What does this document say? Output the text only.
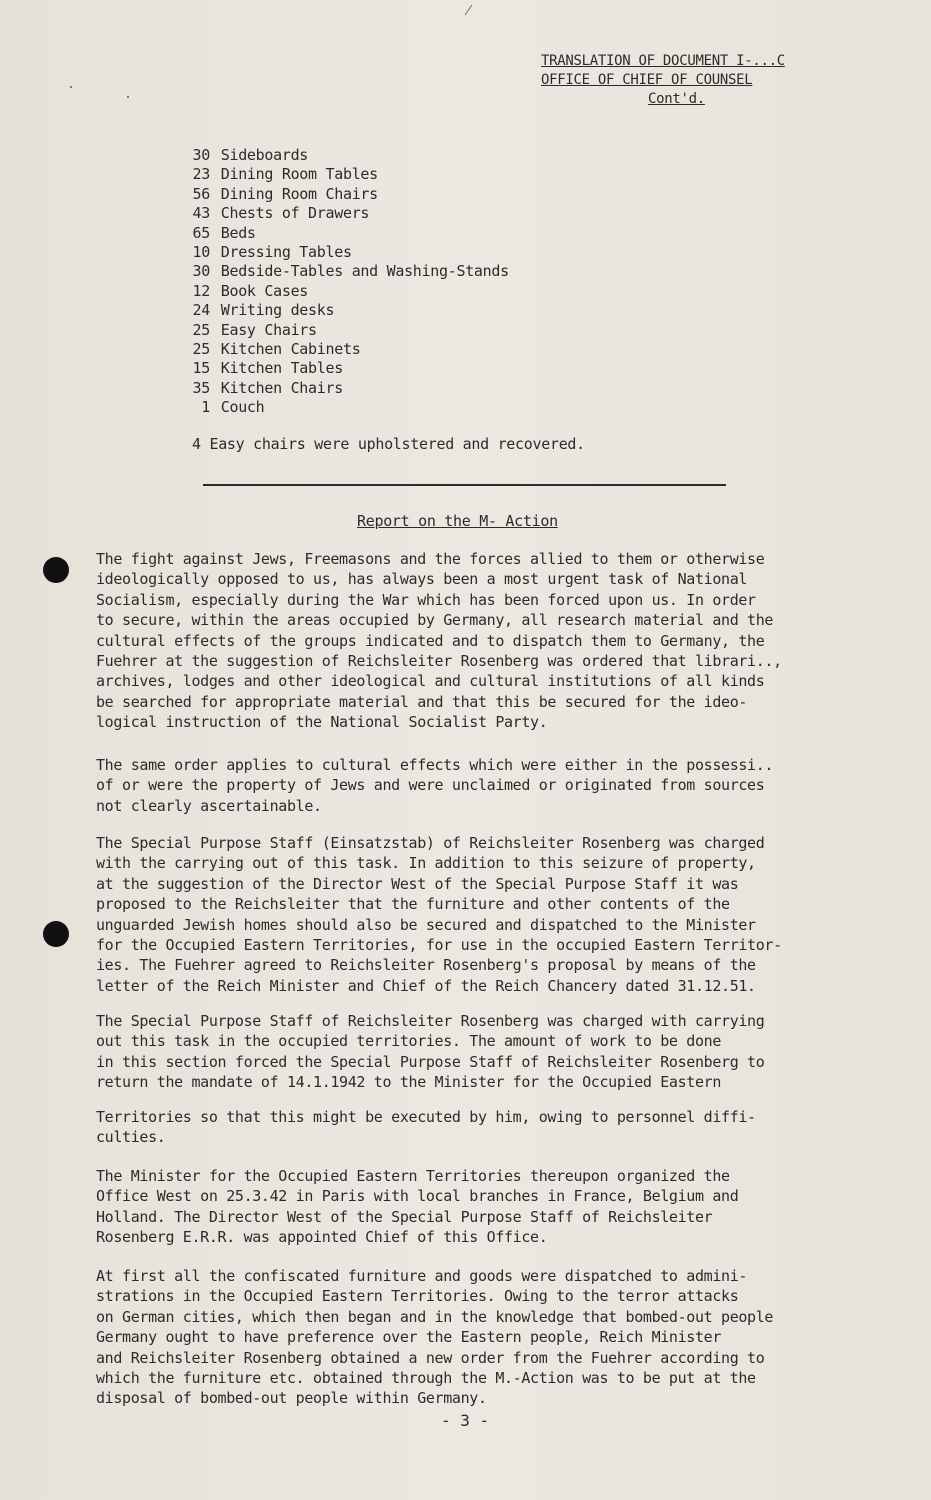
TRANSLATION OF DOCUMENT I-...C
OFFICE OF CHIEF OF COUNSEL
Cont'd.
30 Sideboards
23 Dining Room Tables
56 Dining Room Chairs
43 Chests of Drawers
65 Beds
10 Dressing Tables
30 Bedside-Tables and Washing-Stands
12 Book Cases
24 Writing desks
25 Easy Chairs
25 Kitchen Cabinets
15 Kitchen Tables
35 Kitchen Chairs
1 Couch
4 Easy chairs were upholstered and recovered.
Report on the M- Action
The fight against Jews, Freemasons and the forces allied to them or otherwise
ideologically opposed to us, has always been a most urgent task of National
Socialism, especially during the War which has been forced upon us. In order
to secure, within the areas occupied by Germany, all research material and the
cultural effects of the groups indicated and to dispatch them to Germany, the
Fuehrer at the suggestion of Reichsleiter Rosenberg was ordered that librari..,
archives, lodges and other ideological and cultural institutions of all kinds
be searched for appropriate material and that this be secured for the ideo-
logical instruction of the National Socialist Party.
The same order applies to cultural effects which were either in the possessi..
of or were the property of Jews and were unclaimed or originated from sources
not clearly ascertainable.
The Special Purpose Staff (Einsatzstab) of Reichsleiter Rosenberg was charged
with the carrying out of this task. In addition to this seizure of property,
at the suggestion of the Director West of the Special Purpose Staff it was
proposed to the Reichsleiter that the furniture and other contents of the
unguarded Jewish homes should also be secured and dispatched to the Minister
for the Occupied Eastern Territories, for use in the occupied Eastern Territor-
ies. The Fuehrer agreed to Reichsleiter Rosenberg's proposal by means of the
letter of the Reich Minister and Chief of the Reich Chancery dated 31.12.51.
The Special Purpose Staff of Reichsleiter Rosenberg was charged with carrying
out this task in the occupied territories. The amount of work to be done
in this section forced the Special Purpose Staff of Reichsleiter Rosenberg to
return the mandate of 14.1.1942 to the Minister for the Occupied Eastern
Territories so that this might be executed by him, owing to personnel diffi-
culties.
The Minister for the Occupied Eastern Territories thereupon organized the
Office West on 25.3.42 in Paris with local branches in France, Belgium and
Holland. The Director West of the Special Purpose Staff of Reichsleiter
Rosenberg E.R.R. was appointed Chief of this Office.
At first all the confiscated furniture and goods were dispatched to admini-
strations in the Occupied Eastern Territories. Owing to the terror attacks
on German cities, which then began and in the knowledge that bombed-out people
Germany ought to have preference over the Eastern people, Reich Minister
and Reichsleiter Rosenberg obtained a new order from the Fuehrer according to
which the furniture etc. obtained through the M.-Action was to be put at the
disposal of bombed-out people within Germany.
- 3 -
